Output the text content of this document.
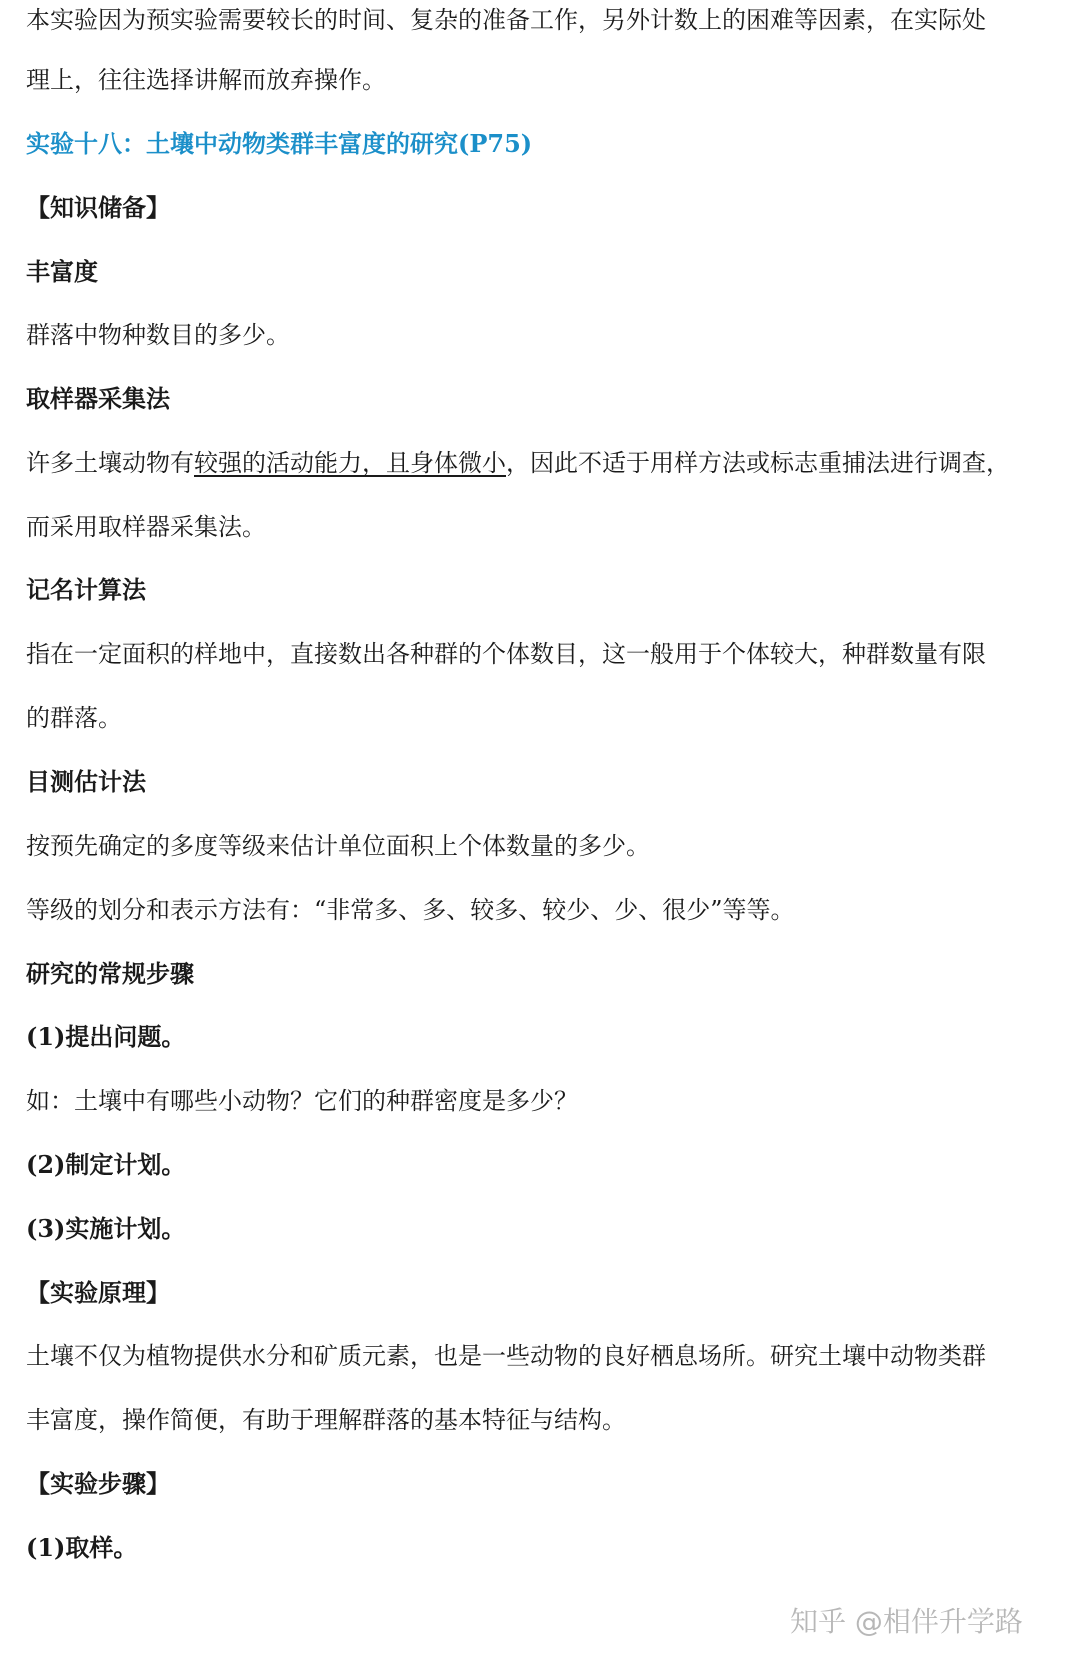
本实验因为预实验需要较长的时间、复杂的准备工作，另外计数上的困难等因素，在实际处
理上，往往选择讲解而放弃操作。
实验十八：土壤中动物类群丰富度的研究(P75)
【知识储备】
丰富度
群落中物种数目的多少。
取样器采集法
许多土壤动物有较强的活动能力，且身体微小，因此不适于用样方法或标志重捕法进行调查，
而采用取样器采集法。
记名计算法
指在一定面积的样地中，直接数出各种群的个体数目，这一般用于个体较大，种群数量有限
的群落。
目测估计法
按预先确定的多度等级来估计单位面积上个体数量的多少。
等级的划分和表示方法有：“非常多、多、较多、较少、少、很少”等等。
研究的常规步骤
(1)提出问题。
如：土壤中有哪些小动物？它们的种群密度是多少？
(2)制定计划。
(3)实施计划。
【实验原理】
土壤不仅为植物提供水分和矿质元素，也是一些动物的良好栖息场所。研究土壤中动物类群
丰富度，操作简便，有助于理解群落的基本特征与结构。
【实验步骤】
(1)取样。
知乎 @相伴升学路
